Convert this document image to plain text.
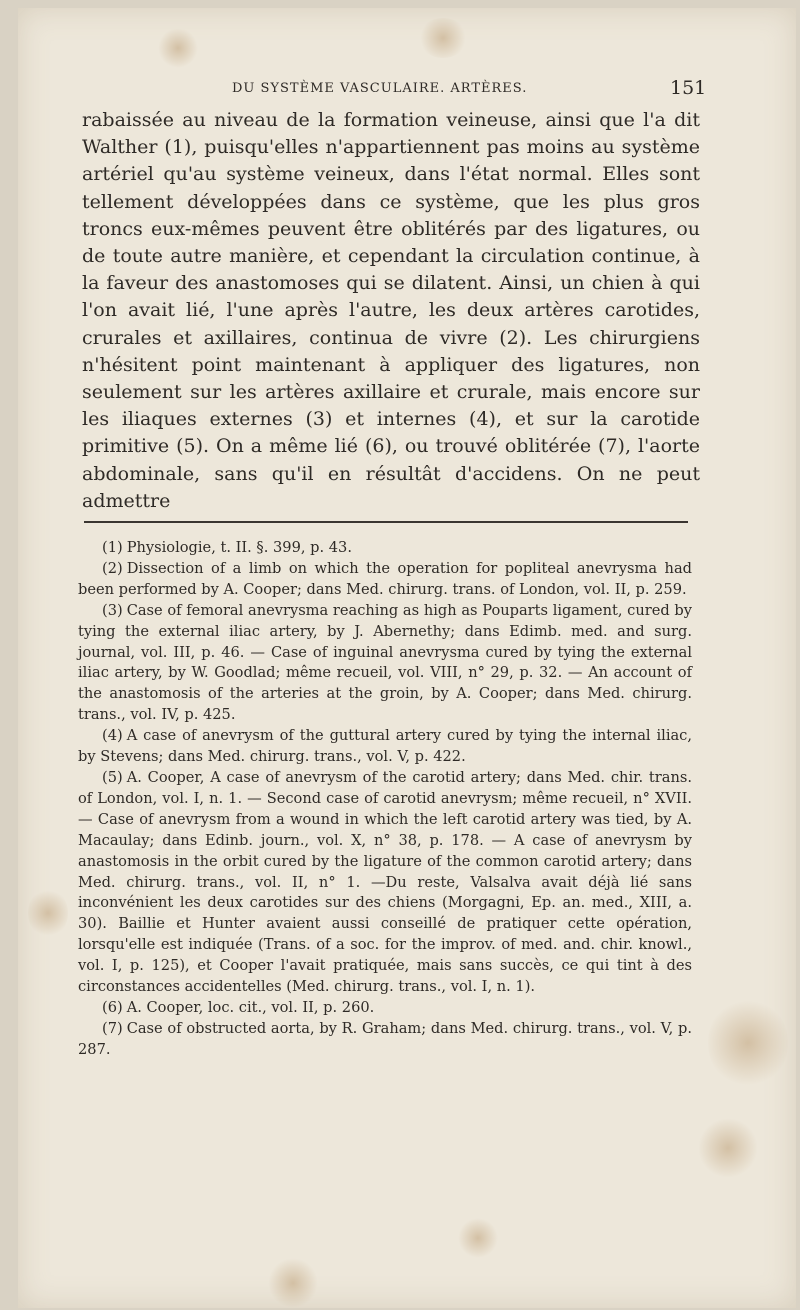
DU SYSTÈME VASCULAIRE. ARTÈRES.	151

rabaissée au niveau de la formation veineuse, ainsi que l'a dit Walther (1), puisqu'elles n'appartiennent pas moins au système artériel qu'au système veineux, dans l'état normal. Elles sont tellement développées dans ce système, que les plus gros troncs eux-mêmes peuvent être oblitérés par des ligatures, ou de toute autre manière, et cependant la circulation continue, à la faveur des anastomoses qui se dilatent. Ainsi, un chien à qui l'on avait lié, l'une après l'autre, les deux artères carotides, crurales et axillaires, continua de vivre (2). Les chirurgiens n'hésitent point maintenant à appliquer des ligatures, non seulement sur les artères axillaire et crurale, mais encore sur les iliaques externes (3) et internes (4), et sur la carotide primitive (5). On a même lié (6), ou trouvé oblitérée (7), l'aorte abdominale, sans qu'il en résultât d'accidens. On ne peut admettre

(1) Physiologie, t. II. §. 399, p. 43.

(2) Dissection of a limb on which the operation for popliteal anevrysma had been performed by A. Cooper; dans Med. chirurg. trans. of London, vol. II, p. 259.

(3) Case of femoral anevrysma reaching as high as Pouparts ligament, cured by tying the external iliac artery, by J. Abernethy; dans Edimb. med. and surg. journal, vol. III, p. 46. — Case of inguinal anevrysma cured by tying the external iliac artery, by W. Goodlad; même recueil, vol. VIII, n° 29, p. 32. — An account of the anastomosis of the arteries at the groin, by A. Cooper; dans Med. chirurg. trans., vol. IV, p. 425.

(4) A case of anevrysm of the guttural artery cured by tying the internal iliac, by Stevens; dans Med. chirurg. trans., vol. V, p. 422.

(5) A. Cooper, A case of anevrysm of the carotid artery; dans Med. chir. trans. of London, vol. I, n. 1. — Second case of carotid anevrysm; même recueil, n° XVII. — Case of anevrysm from a wound in which the left carotid artery was tied, by A. Macaulay; dans Edinb. journ., vol. X, n° 38, p. 178. — A case of anevrysm by anastomosis in the orbit cured by the ligature of the common carotid artery; dans Med. chirurg. trans., vol. II, n° 1. —Du reste, Valsalva avait déjà lié sans inconvénient les deux carotides sur des chiens (Morgagni, Ep. an. med., XIII, a. 30). Baillie et Hunter avaient aussi conseillé de pratiquer cette opération, lorsqu'elle est indiquée (Trans. of a soc. for the improv. of med. and. chir. knowl., vol. I, p. 125), et Cooper l'avait pratiquée, mais sans succès, ce qui tint à des circonstances accidentelles (Med. chirurg. trans., vol. I, n. 1).

(6) A. Cooper, loc. cit., vol. II, p. 260.

(7) Case of obstructed aorta, by R. Graham; dans Med. chirurg. trans., vol. V, p. 287.
